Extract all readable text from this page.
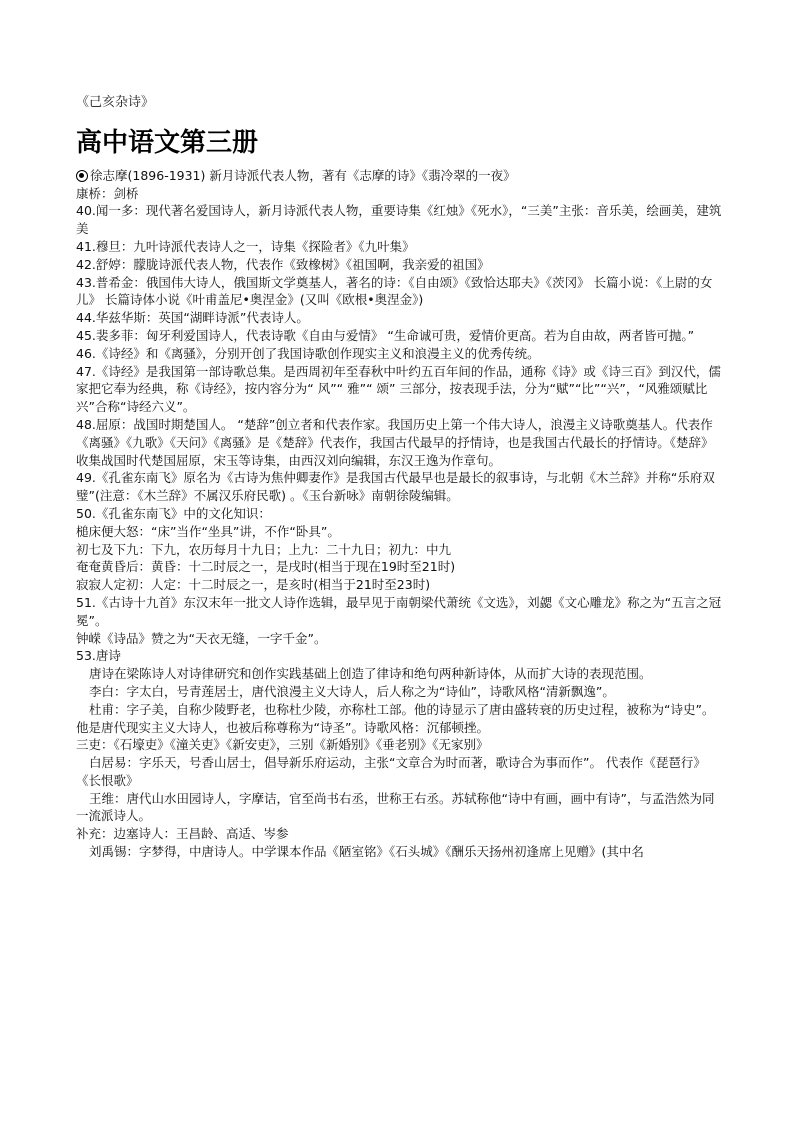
《己亥杂诗》
高中语文第三册
徐志摩(1896-1931) 新月诗派代表人物，著有《志摩的诗》《翡冷翠的一夜》
康桥：剑桥
40.闻一多：现代著名爱国诗人，新月诗派代表人物，重要诗集《红烛》《死水》，“三美”主张：音乐美，绘画美，建筑美
41.穆旦：九叶诗派代表诗人之一，诗集《探险者》《九叶集》
42.舒婷：朦胧诗派代表人物，代表作《致橡树》《祖国啊，我亲爱的祖国》
43.普希金：俄国伟大诗人，俄国斯文学奠基人，著名的诗：《自由颂》《致恰达耶夫》《茨冈》 长篇小说：《上尉的女儿》 长篇诗体小说《叶甫盖尼•奥涅金》(又叫《欧根•奥涅金》)
44.华兹华斯：英国“湖畔诗派”代表诗人。
45.裴多菲：匈牙利爱国诗人，代表诗歌《自由与爱情》 “生命诚可贵，爱情价更高。若为自由故，两者皆可抛。”
46.《诗经》和《离骚》，分别开创了我国诗歌创作现实主义和浪漫主义的优秀传统。
47.《诗经》是我国第一部诗歌总集。是西周初年至春秋中叶约五百年间的作品，通称《诗》或《诗三百》到汉代，儒家把它奉为经典，称《诗经》，按内容分为“ 风”“ 雅”“ 颂” 三部分，按表现手法，分为“赋”“比”“兴”，“风雅颂赋比兴”合称“诗经六义”。
48.屈原：战国时期楚国人。 “楚辞”创立者和代表作家。我国历史上第一个伟大诗人，浪漫主义诗歌奠基人。代表作《离骚》《九歌》《天问》《离骚》是《楚辞》代表作，我国古代最早的抒情诗，也是我国古代最长的抒情诗。《楚辞》收集战国时代楚国屈原，宋玉等诗集，由西汉刘向编辑，东汉王逸为作章句。
49.《孔雀东南飞》原名为《古诗为焦仲卿妻作》是我国古代最早也是最长的叙事诗，与北朝《木兰辞》并称“乐府双璧”(注意：《木兰辞》不属汉乐府民歌) 。《玉台新咏》南朝徐陵编辑。
50.《孔雀东南飞》中的文化知识：
槌床便大怒：“床”当作“坐具”讲，不作“卧具”。
初七及下九：下九，农历每月十九日；上九：二十九日；初九：中九
奄奄黄昏后：黄昏：十二时辰之一，是戌时(相当于现在19时至21时)
寂寂人定初：人定：十二时辰之一，是亥时(相当于21时至23时)
51.《古诗十九首》东汉末年一批文人诗作选辑，最早见于南朝梁代萧统《文选》，刘勰《文心雕龙》称之为“五言之冠冕”。
钟嵘《诗品》赞之为“天衣无缝，一字千金”。
53.唐诗
唐诗在梁陈诗人对诗律研究和创作实践基础上创造了律诗和绝句两种新诗体，从而扩大诗的表现范围。
李白：字太白，号青莲居士，唐代浪漫主义大诗人，后人称之为“诗仙”，诗歌风格“清新飘逸”。
杜甫：字子美，自称少陵野老，也称杜少陵，亦称杜工部。他的诗显示了唐由盛转衰的历史过程，被称为“诗史”。他是唐代现实主义大诗人，也被后称尊称为“诗圣”。诗歌风格：沉郁顿挫。
三吏：《石壕吏》《潼关吏》《新安吏》，三别《新婚别》《垂老别》《无家别》
白居易：字乐天，号香山居士，倡导新乐府运动，主张“文章合为时而著，歌诗合为事而作”。 代表作《琵琶行》《长恨歌》
王维：唐代山水田园诗人，字摩诘，官至尚书右丞，世称王右丞。苏轼称他“诗中有画，画中有诗”，与孟浩然为同一流派诗人。
补充：边塞诗人：王昌龄、高适、岑参
刘禹锡：字梦得，中唐诗人。中学课本作品《陋室铭》《石头城》《酬乐天扬州初逢席上见赠》(其中名
